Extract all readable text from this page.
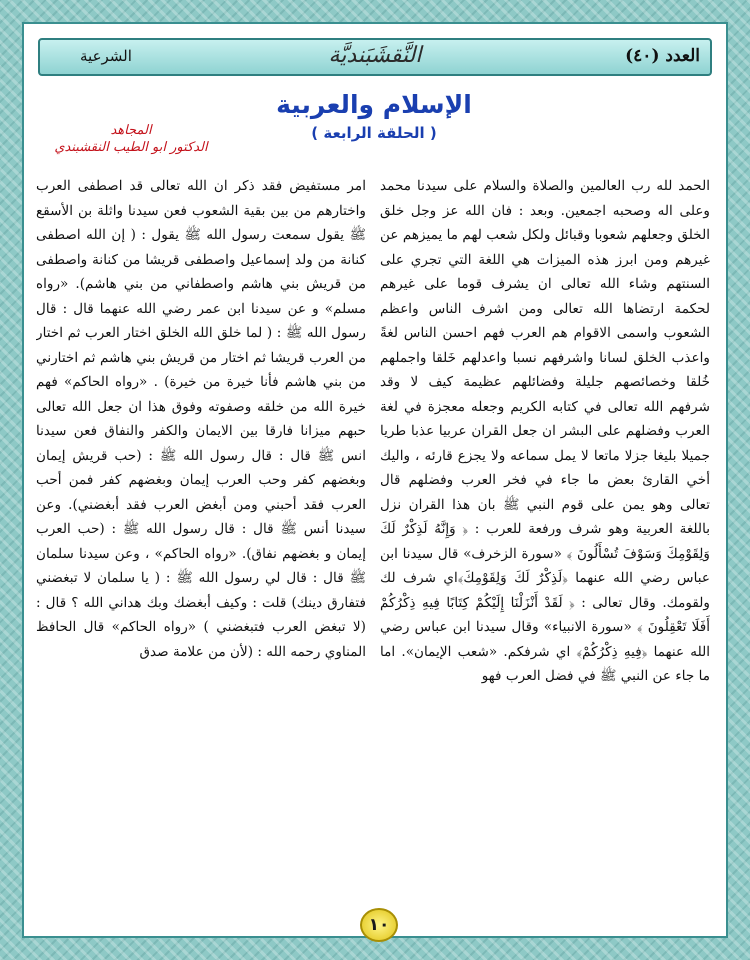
العدد (٤٠)
النَّقشَبَنديَّة
الشرعية
الإسلام والعربية
( الحلقة الرابعة )
المجاهد
الدكتور ابو الطيب النقشبندي

الحمد لله رب العالمين والصلاة والسلام على سيدنا محمد وعلى اله وصحبه اجمعين. وبعد : فان الله عز وجل خلق الخلق وجعلهم شعوبا وقبائل ولكل شعب لهم ما يميزهم عن غيرهم ومن ابرز هذه الميزات هي اللغة التي تجري على السنتهم وشاء الله تعالى ان يشرف قوما على غيرهم لحكمة ارتضاها الله تعالى ومن اشرف الناس واعظم الشعوب واسمى الاقوام هم العرب فهم احسن الناس لغةً واعذب الخلق لسانا واشرفهم نسبا واعدلهم خَلقا واجملهم خُلقا وخصائصهم جليلة وفضائلهم عظيمة كيف لا وقد شرفهم الله تعالى في كتابه الكريم وجعله معجزة في لغة العرب وفضلهم على البشر ان جعل القران عربيا عذبا طريا جميلا بليغا جزلا ماتعا لا يمل سماعه ولا يجزع قارئه ، واليك أخي القارئ بعض ما جاء في فخر العرب وفضلهم قال تعالى وهو يمن على قوم النبي ﷺ بان هذا القران نزل باللغة العربية وهو شرف ورفعة للعرب : ﴿ وَإِنَّهُ لَذِكْرٌ لَكَ وَلِقَوْمِكَ وَسَوْفَ تُسْأَلُونَ ﴾ «سورة الزخرف» قال سيدنا ابن عباس رضي الله عنهما ﴿لَذِكْرٌ لَكَ وَلِقَوْمِكَ﴾اي شرف لك ولقومك. وقال تعالى : ﴿ لَقَدْ أَنْزَلْنَا إِلَيْكُمْ كِتَابًا فِيهِ ذِكْرُكُمْ أَفَلَا تَعْقِلُونَ ﴾ «سورة الانبياء» وقال سيدنا ابن عباس رضي الله عنهما ﴿فِيهِ ذِكْرُكُمْ﴾ اي شرفكم. «شعب الإيمان». اما ما جاء عن النبي ﷺ في فضل العرب فهو

امر مستفيض فقد ذكر ان الله تعالى قد اصطفى العرب واختارهم من بين بقية الشعوب فعن سيدنا واثلة بن الأسقع ﷺ يقول سمعت رسول الله ﷺ يقول : ( إن الله اصطفى كنانة من ولد إسماعيل واصطفى قريشا من كنانة واصطفى من قريش بني هاشم واصطفاني من بني هاشم). «رواه مسلم» و عن سيدنا ابن عمر رضي الله عنهما قال : قال رسول الله ﷺ : ( لما خلق الله الخلق اختار العرب ثم اختار من العرب قريشا ثم اختار من قريش بني هاشم ثم اختارني من بني هاشم فأنا خيرة من خيرة) . «رواه الحاكم» فهم خيرة الله من خلقه وصفوته وفوق هذا ان جعل الله تعالى حبهم ميزانا فارقا بين الايمان والكفر والنفاق فعن سيدنا انس ﷺ قال : قال رسول الله ﷺ : (حب قريش إيمان وبغضهم كفر وحب العرب إيمان وبغضهم كفر فمن أحب العرب فقد أحبني ومن أبغض العرب فقد أبغضني). وعن سيدنا أنس ﷺ قال : قال رسول الله ﷺ : (حب العرب إيمان و بغضهم نفاق). «رواه الحاكم» ، وعن سيدنا سلمان ﷺ قال : قال لي رسول الله ﷺ : ( يا سلمان لا تبغضني فتفارق دينك) قلت : وكيف أبغضك وبك هداني الله ؟ قال : (لا تبغض العرب فتبغضني ) «رواه الحاكم» قال الحافظ المناوي رحمه الله : (لأن من علامة صدق

١٠
